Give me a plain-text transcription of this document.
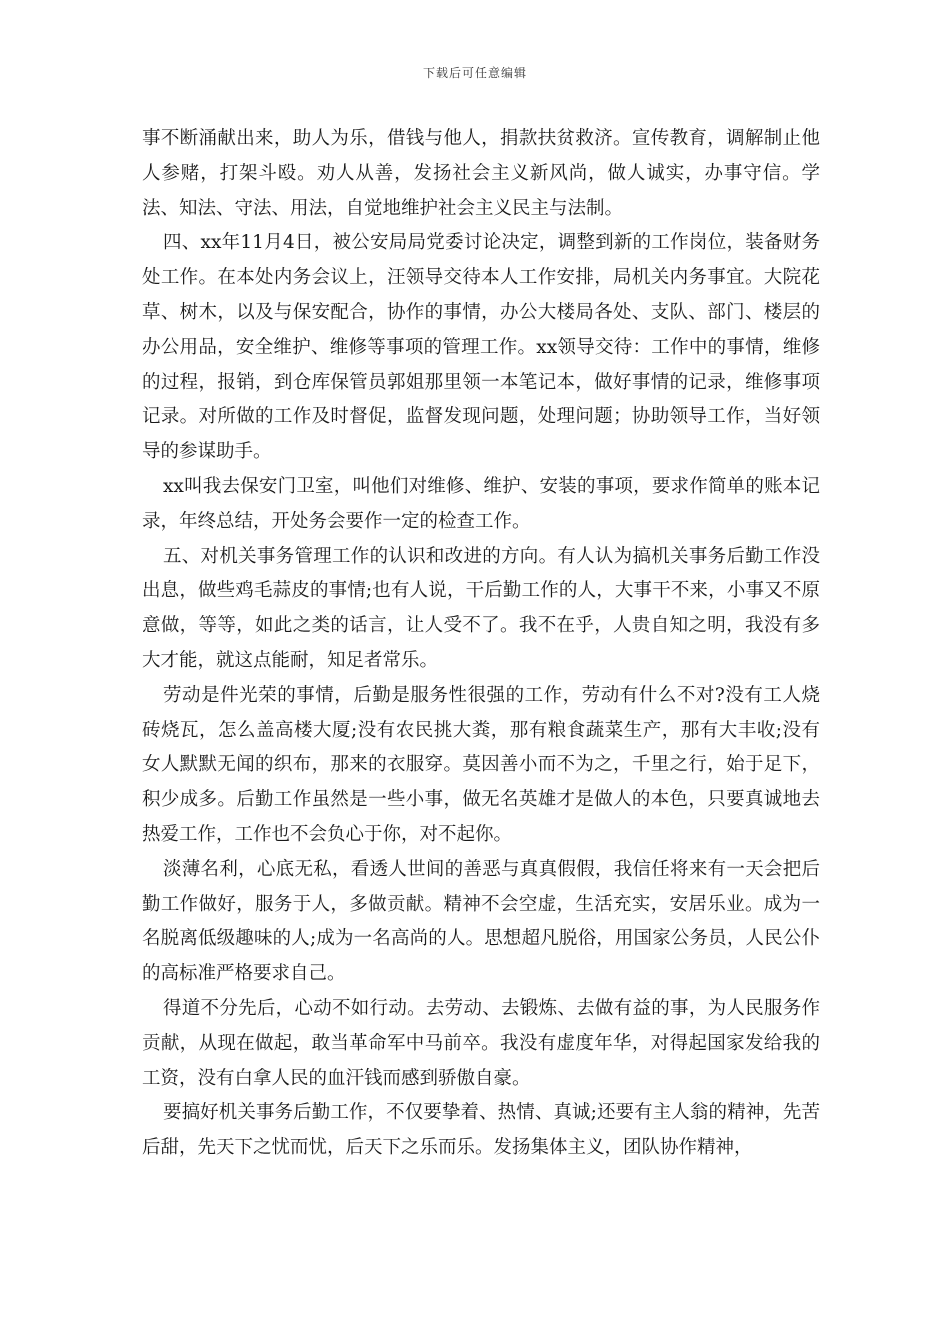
下载后可任意编辑

事不断涌献出来，助人为乐，借钱与他人，捐款扶贫救济。宣传教育，调解制止他人参赌，打架斗殴。劝人从善，发扬社会主义新风尚，做人诚实，办事守信。学法、知法、守法、用法，自觉地维护社会主义民主与法制。

四、xx年11月4日，被公安局局党委讨论决定，调整到新的工作岗位，装备财务处工作。在本处内务会议上，汪领导交待本人工作安排，局机关内务事宜。大院花草、树木，以及与保安配合，协作的事情，办公大楼局各处、支队、部门、楼层的办公用品，安全维护、维修等事项的管理工作。xx领导交待：工作中的事情，维修的过程，报销，到仓库保管员郭姐那里领一本笔记本，做好事情的记录，维修事项记录。对所做的工作及时督促，监督发现问题，处理问题；协助领导工作，当好领导的参谋助手。

xx叫我去保安门卫室，叫他们对维修、维护、安装的事项，要求作简单的账本记录，年终总结，开处务会要作一定的检查工作。

五、对机关事务管理工作的认识和改进的方向。有人认为搞机关事务后勤工作没出息，做些鸡毛蒜皮的事情;也有人说，干后勤工作的人，大事干不来，小事又不原意做，等等，如此之类的话言，让人受不了。我不在乎，人贵自知之明，我没有多大才能，就这点能耐，知足者常乐。

劳动是件光荣的事情，后勤是服务性很强的工作，劳动有什么不对?没有工人烧砖烧瓦，怎么盖高楼大厦;没有农民挑大粪，那有粮食蔬菜生产，那有大丰收;没有女人默默无闻的织布，那来的衣服穿。莫因善小而不为之，千里之行，始于足下，积少成多。后勤工作虽然是一些小事，做无名英雄才是做人的本色，只要真诚地去热爱工作，工作也不会负心于你，对不起你。

淡薄名利，心底无私，看透人世间的善恶与真真假假，我信任将来有一天会把后勤工作做好，服务于人，多做贡献。精神不会空虚，生活充实，安居乐业。成为一名脱离低级趣味的人;成为一名高尚的人。思想超凡脱俗，用国家公务员，人民公仆的高标准严格要求自己。

得道不分先后，心动不如行动。去劳动、去锻炼、去做有益的事，为人民服务作贡献，从现在做起，敢当革命军中马前卒。我没有虚度年华，对得起国家发给我的工资，没有白拿人民的血汗钱而感到骄傲自豪。

要搞好机关事务后勤工作，不仅要挚着、热情、真诚;还要有主人翁的精神，先苦后甜，先天下之忧而忧，后天下之乐而乐。发扬集体主义，团队协作精神，
